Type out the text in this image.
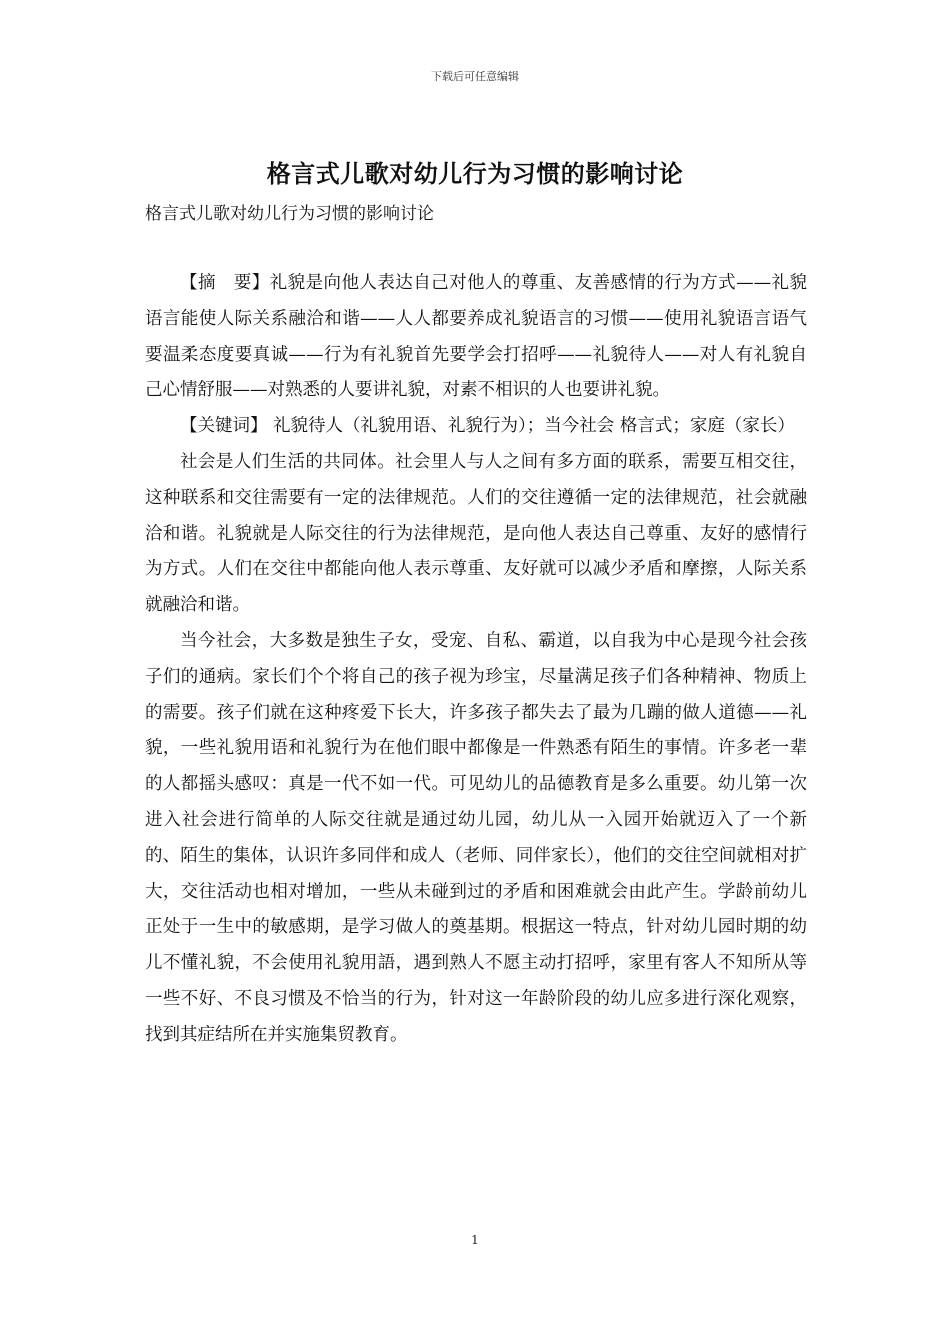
下载后可任意编辑
格言式儿歌对幼儿行为习惯的影响讨论
格言式儿歌对幼儿行为习惯的影响讨论

【摘　要】礼貌是向他人表达自己对他人的尊重、友善感情的行为方式——礼貌语言能使人际关系融洽和谐——人人都要养成礼貌语言的习惯——使用礼貌语言语气要温柔态度要真诚——行为有礼貌首先要学会打招呼——礼貌待人——对人有礼貌自己心情舒服——对熟悉的人要讲礼貌，对素不相识的人也要讲礼貌。

【关键词】 礼貌待人（礼貌用语、礼貌行为）；当今社会 格言式；家庭（家长）

社会是人们生活的共同体。社会里人与人之间有多方面的联系，需要互相交往，这种联系和交往需要有一定的法律规范。人们的交往遵循一定的法律规范，社会就融洽和谐。礼貌就是人际交往的行为法律规范，是向他人表达自己尊重、友好的感情行为方式。人们在交往中都能向他人表示尊重、友好就可以减少矛盾和摩擦，人际关系就融洽和谐。

当今社会，大多数是独生子女，受宠、自私、霸道，以自我为中心是现今社会孩子们的通病。家长们个个将自己的孩子视为珍宝，尽量满足孩子们各种精神、物质上的需要。孩子们就在这种疼爱下长大，许多孩子都失去了最为几蹦的做人道德——礼貌，一些礼貌用语和礼貌行为在他们眼中都像是一件熟悉有陌生的事情。许多老一辈的人都摇头感叹：真是一代不如一代。可见幼儿的品德教育是多么重要。幼儿第一次进入社会进行简单的人际交往就是通过幼儿园，幼儿从一入园开始就迈入了一个新的、陌生的集体，认识许多同伴和成人（老师、同伴家长），他们的交往空间就相对扩大，交往活动也相对增加，一些从未碰到过的矛盾和困难就会由此产生。学龄前幼儿正处于一生中的敏感期，是学习做人的奠基期。根据这一特点，针对幼儿园时期的幼儿不懂礼貌，不会使用礼貌用語，遇到熟人不愿主动打招呼，家里有客人不知所从等一些不好、不良习惯及不恰当的行为，针对这一年龄阶段的幼儿应多进行深化观察，找到其症结所在并实施集贸教育。

1
